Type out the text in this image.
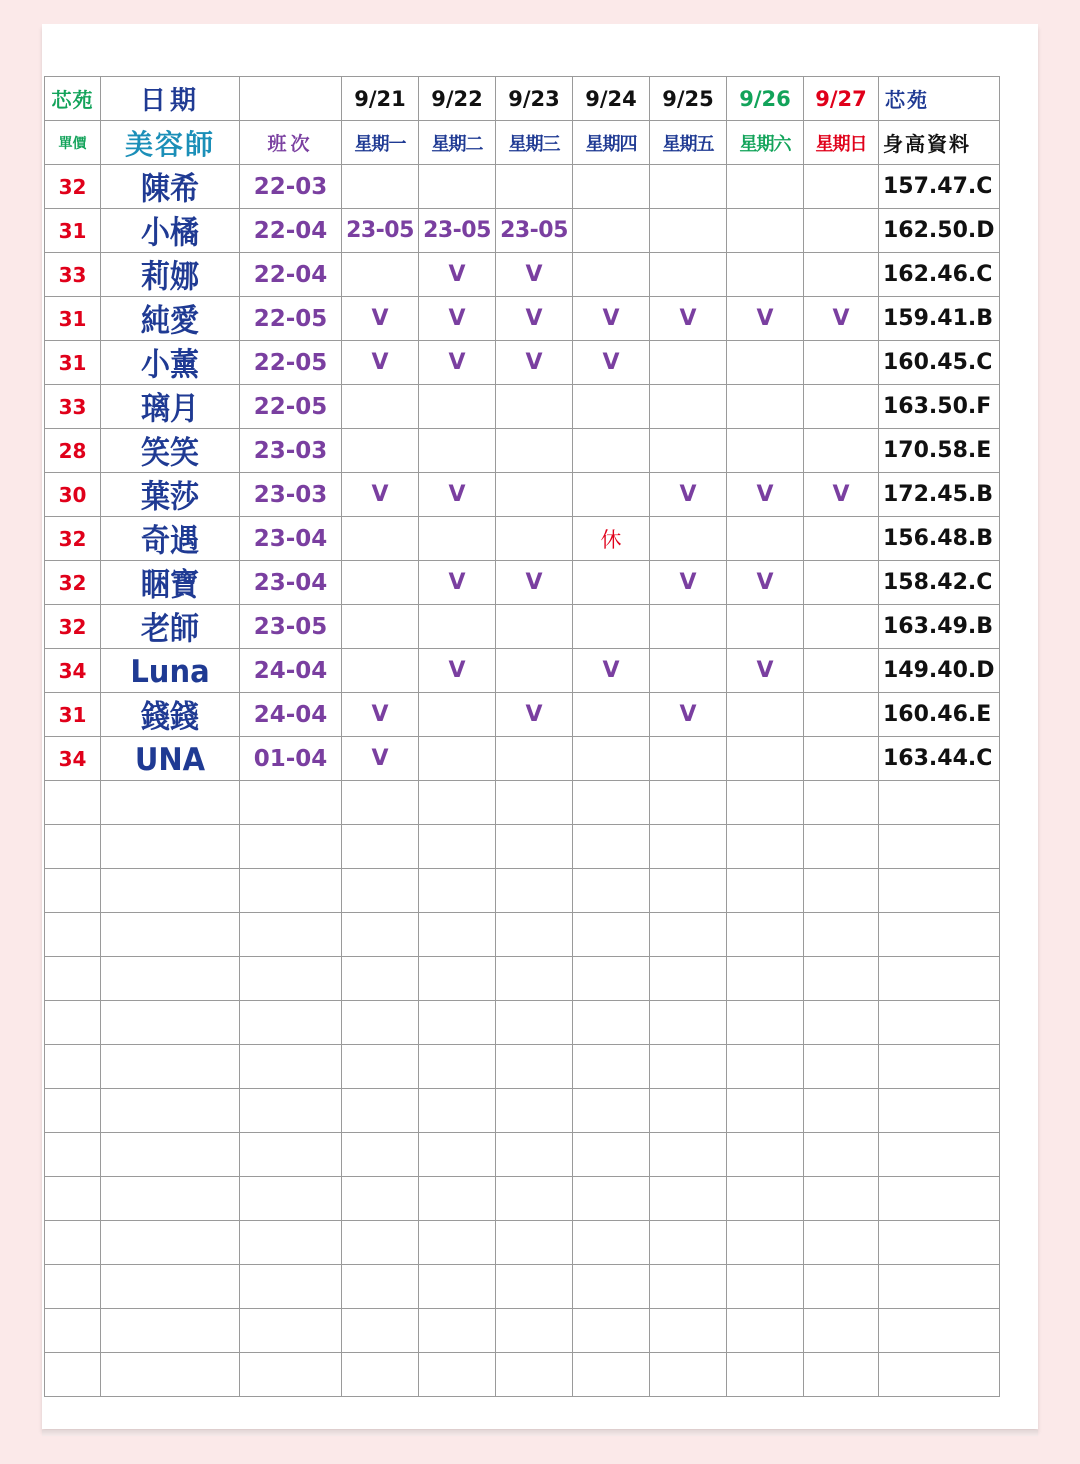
芯苑	日期		9/21	9/22	9/23	9/24	9/25	9/26	9/27	芯苑
單價	美容師	班次	星期一	星期二	星期三	星期四	星期五	星期六	星期日	身高資料
32	陳希	22-03								157.47.C
31	小橘	22-04	23-05	23-05	23-05					162.50.D
33	莉娜	22-04		V	V					162.46.C
31	純愛	22-05	V	V	V	V	V	V	V	159.41.B
31	小薰	22-05	V	V	V	V				160.45.C
33	璃月	22-05								163.50.F
28	笑笑	23-03								170.58.E
30	葉莎	23-03	V	V			V	V	V	172.45.B
32	奇遇	23-04				休				156.48.B
32	睏寶	23-04		V	V		V	V		158.42.C
32	老師	23-05								163.49.B
34	Luna	24-04		V		V		V		149.40.D
31	錢錢	24-04	V		V		V			160.46.E
34	UNA	01-04	V							163.44.C
